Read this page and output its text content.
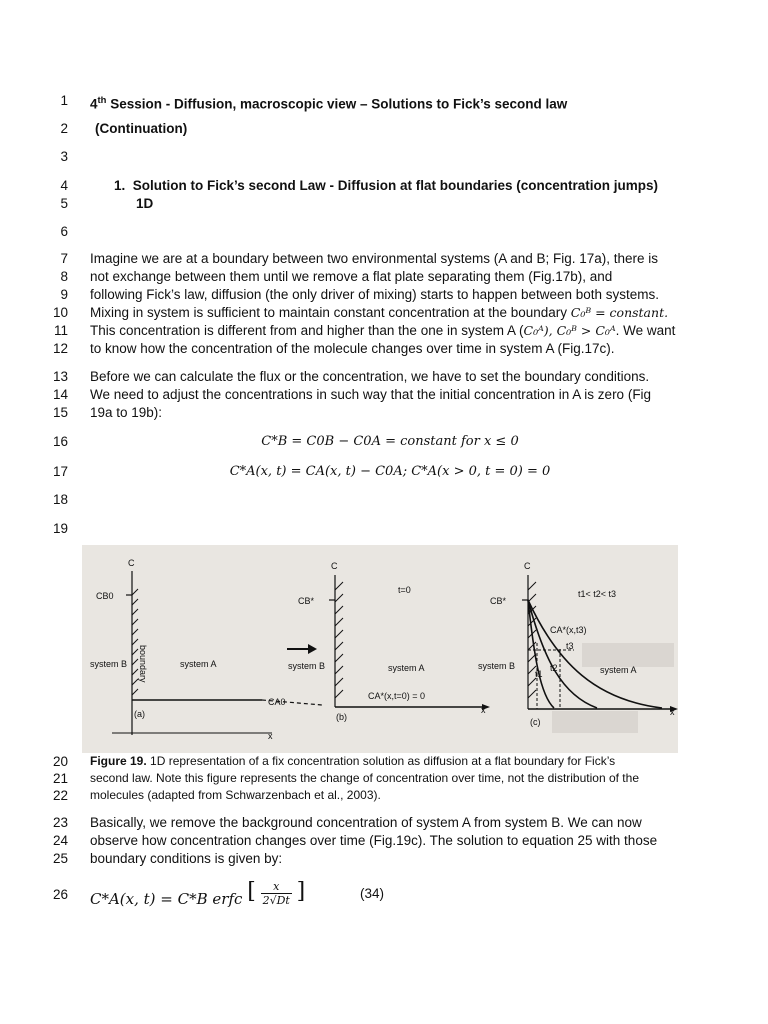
1
2
3
4
5
6
7
8
9
10
11
12
13
14
15
16
17
18
19
20
21
22
23
24
25
26
4th Session - Diffusion, macroscopic view – Solutions to Fick’s second law
(Continuation)
1.  Solution to Fick’s second Law - Diffusion at flat boundaries (concentration jumps)
1D
Imagine we are at a boundary between two environmental systems (A and B; Fig. 17a), there is
not exchange between them until we remove a flat plate separating them (Fig.17b), and
following Fick’s law, diffusion (the only driver of mixing) starts to happen between both systems.
Mixing in system is sufficient to maintain constant concentration at the boundary C₀ᴮ = constant.
This concentration is different from and higher than the one in system A (C₀ᴬ), C₀ᴮ > C₀ᴬ. We want
to know how the concentration of the molecule changes over time in system A (Fig.17c).
Before we can calculate the flux or the concentration, we have to set the boundary conditions.
We need to adjust the concentrations in such way that the initial concentration in A is zero (Fig
19a to 19b):
C*B = C0B − C0A = constant for x ≤ 0
C*A(x, t) = CA(x, t) − C0A; C*A(x > 0, t = 0) = 0
C
CB0
boundary
system B	system A
CA0
(a)
x
C
t=0
CB*
system B	system A
CA*(x,t=0) = 0
(b)
x
C
CB*
t1< t2< t3
CA*(x,t3)
t3
t2
t1
system B	system A
(c)
x
Figure 19. 1D representation of a fix concentration solution as diffusion at a flat boundary for Fick’s
second law. Note this figure represents the change of concentration over time, not the distribution of the
molecules (adapted from Schwarzenbach et al., 2003).
Basically, we remove the background concentration of system A from system B. We can now
observe how concentration changes over time (Fig.19c). The solution to equation 25 with those
boundary conditions is given by:
C*A(x, t) = C*B erfc [ $\frac{x}{2√Dt}$ ]	(34)
